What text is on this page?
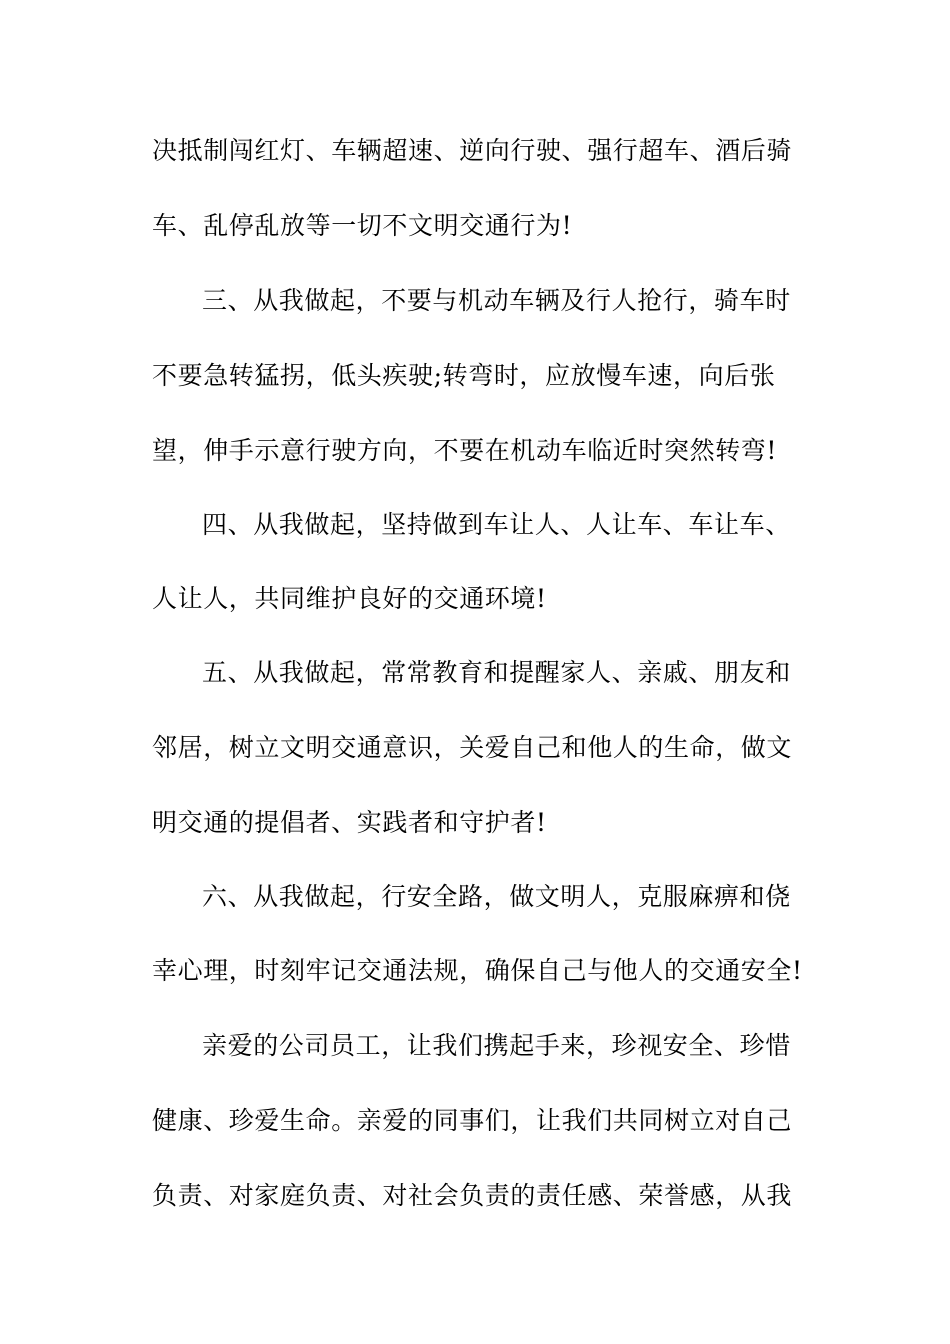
决抵制闯红灯、车辆超速、逆向行驶、强行超车、酒后骑
车、乱停乱放等一切不文明交通行为!
三、从我做起，不要与机动车辆及行人抢行，骑车时
不要急转猛拐，低头疾驶;转弯时，应放慢车速，向后张
望，伸手示意行驶方向，不要在机动车临近时突然转弯!
四、从我做起，坚持做到车让人、人让车、车让车、
人让人，共同维护良好的交通环境!
五、从我做起，常常教育和提醒家人、亲戚、朋友和
邻居，树立文明交通意识，关爱自己和他人的生命，做文
明交通的提倡者、实践者和守护者!
六、从我做起，行安全路，做文明人，克服麻痹和侥
幸心理，时刻牢记交通法规，确保自己与他人的交通安全!
亲爱的公司员工，让我们携起手来，珍视安全、珍惜
健康、珍爱生命。亲爱的同事们，让我们共同树立对自己
负责、对家庭负责、对社会负责的责任感、荣誉感，从我
